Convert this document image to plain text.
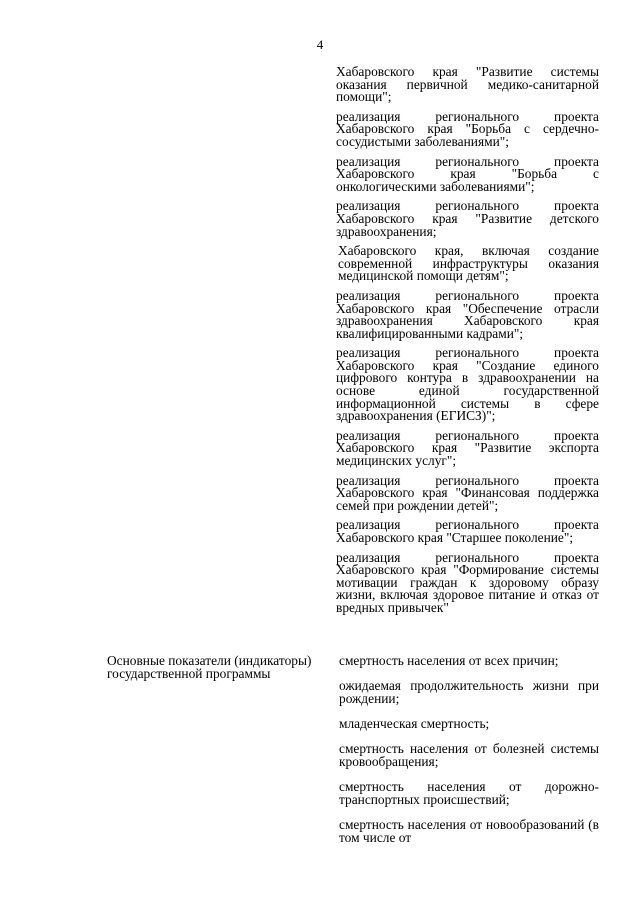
4

Хабаровского края "Развитие системы оказания первичной медико-санитарной помощи";

реализация регионального проекта Хабаровского края "Борьба с сердечно-сосудистыми заболеваниями";

реализация регионального проекта Хабаровского края "Борьба с онкологическими заболеваниями";

реализация регионального проекта Хабаровского края "Развитие детского здравоохранения;

Хабаровского края, включая создание современной инфраструктуры оказания медицинской помощи детям";

реализация регионального проекта Хабаровского края "Обеспечение отрасли здравоохранения Хабаровского края квалифицированными кадрами";

реализация регионального проекта Хабаровского края "Создание единого цифрового контура в здравоохранении на основе единой государственной информационной системы в сфере здравоохранения (ЕГИСЗ)";

реализация регионального проекта Хабаровского края "Развитие экспорта медицинских услуг";

реализация регионального проекта Хабаровского края "Финансовая поддержка семей при рождении детей";

реализация регионального проекта Хабаровского края "Старшее поколение";

реализация регионального проекта Хабаровского края "Формирование системы мотивации граждан к здоровому образу жизни, включая здоровое питание и отказ от вредных привычек"

Основные показатели (индикаторы) государственной программы

смертность населения от всех причин;

ожидаемая продолжительность жизни при рождении;

младенческая смертность;

смертность населения от болезней системы кровообращения;

смертность населения от дорожно-транспортных происшествий;

смертность населения от новообразований (в том числе от
